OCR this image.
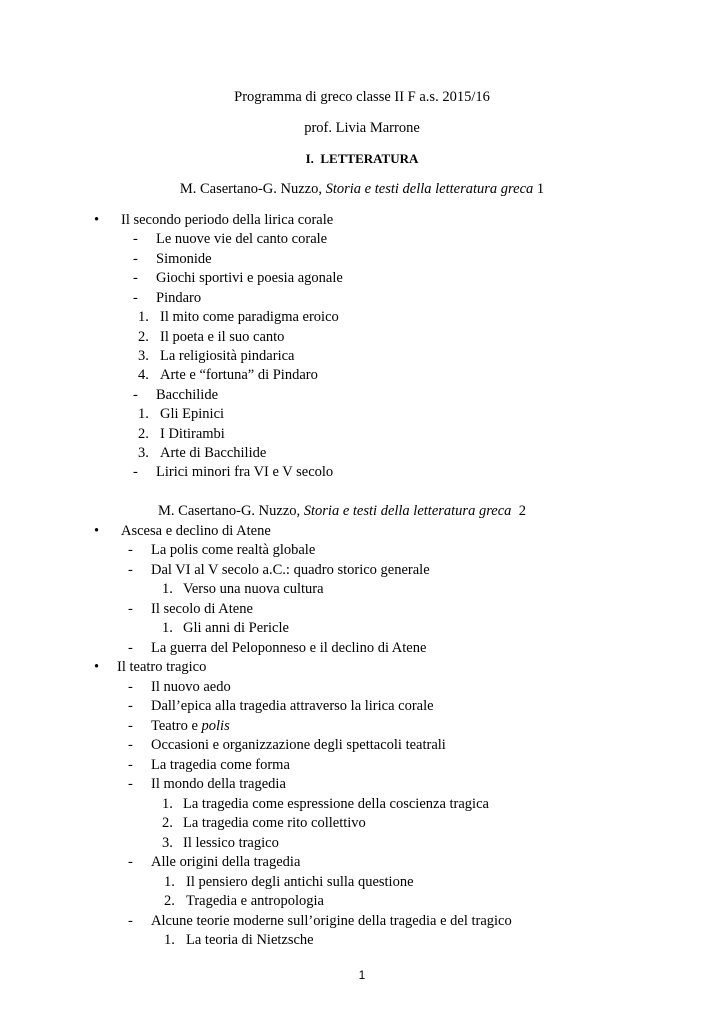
Programma di greco classe II F a.s. 2015/16
prof. Livia Marrone
I. LETTERATURA
M. Casertano-G. Nuzzo, Storia e testi della letteratura greca 1
• Il secondo periodo della lirica corale
- Le nuove vie del canto corale
- Simonide
- Giochi sportivi e poesia agonale
- Pindaro
1. Il mito come paradigma eroico
2. Il poeta e il suo canto
3. La religiosità pindarica
4. Arte e “fortuna” di Pindaro
- Bacchilide
1. Gli Epinici
2. I Ditirambi
3. Arte di Bacchilide
- Lirici minori fra VI e V secolo
M. Casertano-G. Nuzzo, Storia e testi della letteratura greca 2
• Ascesa e declino di Atene
- La polis come realtà globale
- Dal VI al V secolo a.C.: quadro storico generale
1. Verso una nuova cultura
- Il secolo di Atene
1. Gli anni di Pericle
- La guerra del Peloponneso e il declino di Atene
• Il teatro tragico
- Il nuovo aedo
- Dall’epica alla tragedia attraverso la lirica corale
- Teatro e polis
- Occasioni e organizzazione degli spettacoli teatrali
- La tragedia come forma
- Il mondo della tragedia
1. La tragedia come espressione della coscienza tragica
2. La tragedia come rito collettivo
3. Il lessico tragico
- Alle origini della tragedia
1. Il pensiero degli antichi sulla questione
2. Tragedia e antropologia
- Alcune teorie moderne sull’origine della tragedia e del tragico
1. La teoria di Nietzsche
1
